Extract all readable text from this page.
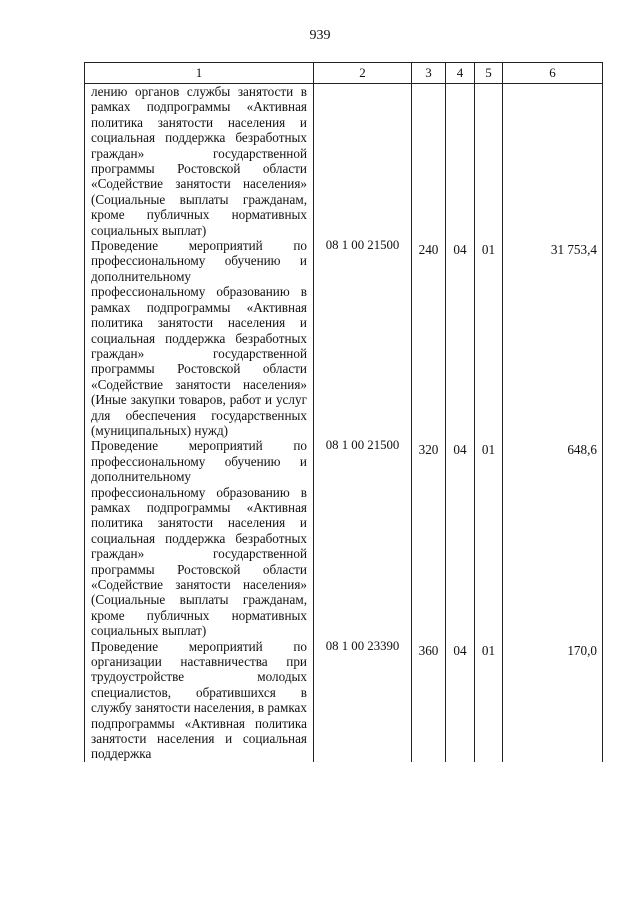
939
1	2	3	4	5	6
лению органов службы занятости в рамках подпрограммы «Активная политика занятости населения и социальная поддержка безработных граждан» государственной программы Ростовской области «Содействие занятости населения» (Социальные выплаты гражданам, кроме публичных нормативных социальных выплат)					
Проведение мероприятий по профессиональному обучению и дополнительному профессиональному образованию в рамках подпрограммы «Активная политика занятости населения и социальная поддержка безработных граждан» государственной программы Ростовской области «Содействие занятости населения» (Иные закупки товаров, работ и услуг для обеспечения государственных (муниципальных) нужд)	08 1 00 21500	240	04	01	31 753,4
Проведение мероприятий по профессиональному обучению и дополнительному профессиональному образованию в рамках подпрограммы «Активная политика занятости населения и социальная поддержка безработных граждан» государственной программы Ростовской области «Содействие занятости населения» (Социальные выплаты гражданам, кроме публичных нормативных социальных выплат)	08 1 00 21500	320	04	01	648,6
Проведение мероприятий по организации наставничества при трудоустройстве молодых специалистов, обратившихся в службу занятости населения, в рамках подпрограммы «Активная политика занятости населения и социальная поддержка	08 1 00 23390	360	04	01	170,0
